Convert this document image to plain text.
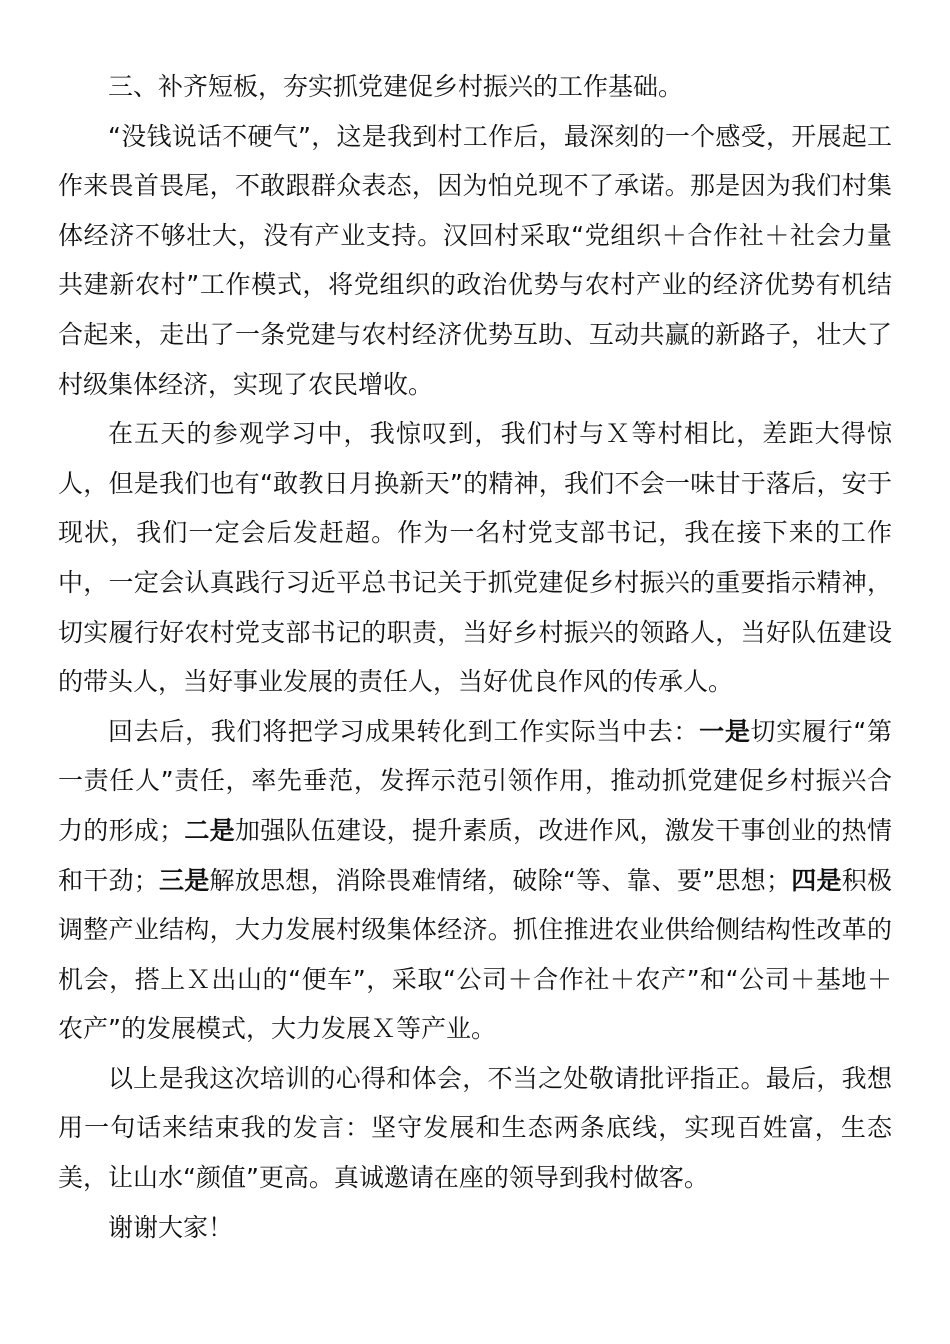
三、补齐短板，夯实抓党建促乡村振兴的工作基础。

“没钱说话不硬气”，这是我到村工作后，最深刻的一个感受，开展起工作来畏首畏尾，不敢跟群众表态，因为怕兑现不了承诺。那是因为我们村集体经济不够壮大，没有产业支持。汉回村采取“党组织＋合作社＋社会力量共建新农村”工作模式，将党组织的政治优势与农村产业的经济优势有机结合起来，走出了一条党建与农村经济优势互助、互动共赢的新路子，壮大了村级集体经济，实现了农民增收。

在五天的参观学习中，我惊叹到，我们村与Ｘ等村相比，差距大得惊人，但是我们也有“敢教日月换新天”的精神，我们不会一味甘于落后，安于现状，我们一定会后发赶超。作为一名村党支部书记，我在接下来的工作中，一定会认真践行习近平总书记关于抓党建促乡村振兴的重要指示精神，切实履行好农村党支部书记的职责，当好乡村振兴的领路人，当好队伍建设的带头人，当好事业发展的责任人，当好优良作风的传承人。

回去后，我们将把学习成果转化到工作实际当中去：一是切实履行“第一责任人”责任，率先垂范，发挥示范引领作用，推动抓党建促乡村振兴合力的形成；二是加强队伍建设，提升素质，改进作风，激发干事创业的热情和干劲；三是解放思想，消除畏难情绪，破除“等、靠、要”思想；四是积极调整产业结构，大力发展村级集体经济。抓住推进农业供给侧结构性改革的机会，搭上Ｘ出山的“便车”，采取“公司＋合作社＋农产”和“公司＋基地＋农产”的发展模式，大力发展Ｘ等产业。

以上是我这次培训的心得和体会，不当之处敬请批评指正。最后，我想用一句话来结束我的发言：坚守发展和生态两条底线，实现百姓富，生态美，让山水“颜值”更高。真诚邀请在座的领导到我村做客。

谢谢大家！
